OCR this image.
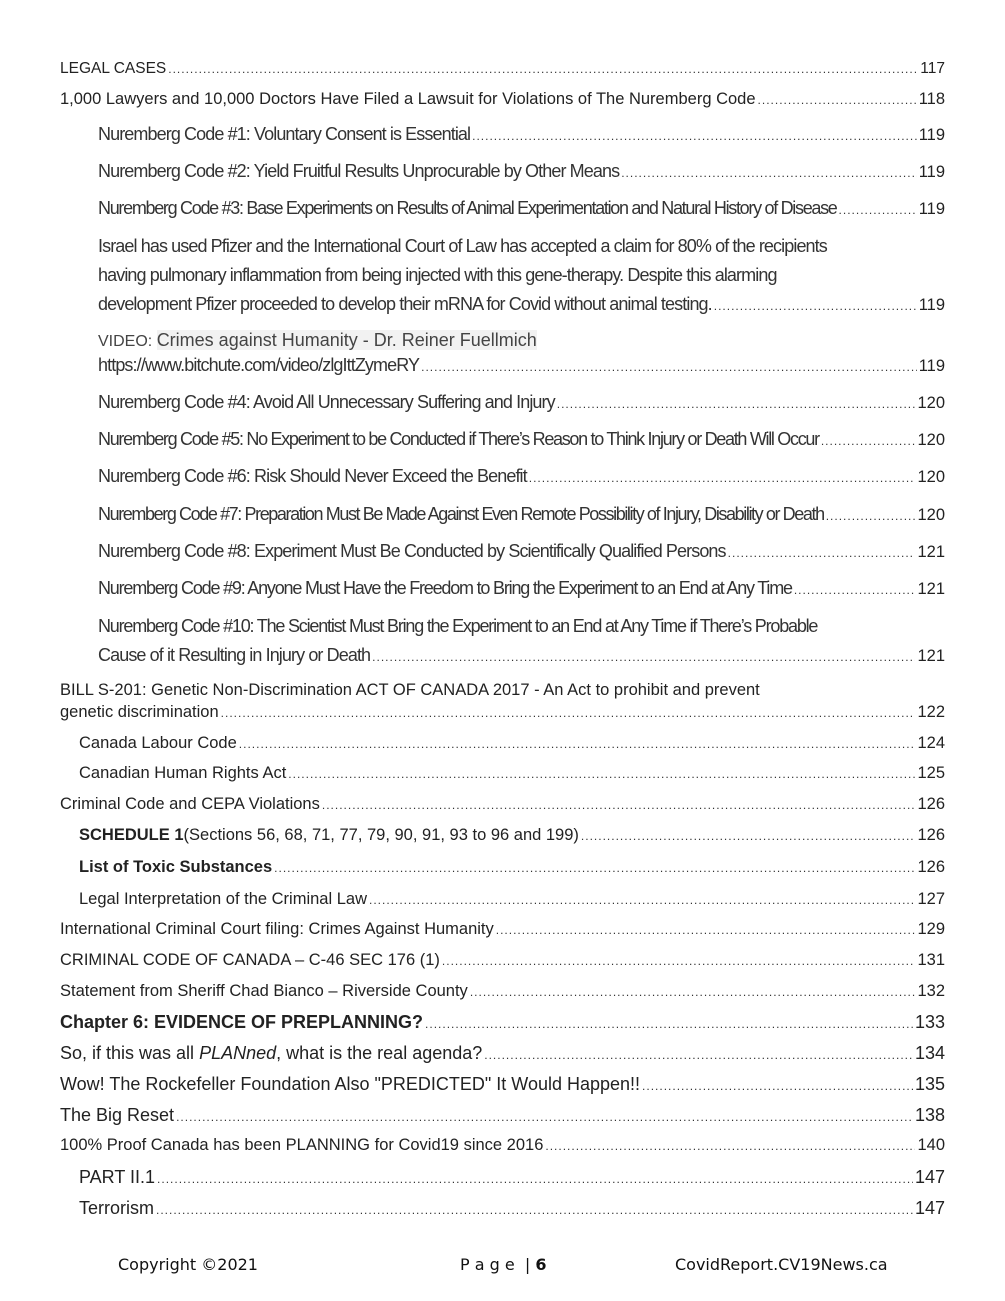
LEGAL CASES .....	117
1,000 Lawyers and 10,000 Doctors Have Filed a Lawsuit for Violations of The Nuremberg Code .....	118
Nuremberg Code #1: Voluntary Consent is Essential .....	119
Nuremberg Code #2: Yield Fruitful Results Unprocurable by Other Means .....	119
Nuremberg Code #3: Base Experiments on Results of Animal Experimentation and Natural History of Disease .....	119
Israel has used Pfizer and the International Court of Law has accepted a claim for 80% of the recipients
having pulmonary inflammation from being injected with this gene-therapy. Despite this alarming
development Pfizer proceeded to develop their mRNA for Covid without animal testing. .....	119
VIDEO: Crimes against Humanity - Dr. Reiner Fuellmich
https://www.bitchute.com/video/zlgIttZymeRY .....	119
Nuremberg Code #4: Avoid All Unnecessary Suffering and Injury .....	120
Nuremberg Code #5: No Experiment to be Conducted if There’s Reason to Think Injury or Death Will Occur .....	120
Nuremberg Code #6: Risk Should Never Exceed the Benefit .....	120
Nuremberg Code #7: Preparation Must Be Made Against Even Remote Possibility of Injury, Disability or Death .....	120
Nuremberg Code #8: Experiment Must Be Conducted by Scientifically Qualified Persons .....	121
Nuremberg Code #9: Anyone Must Have the Freedom to Bring the Experiment to an End at Any Time .....	121
Nuremberg Code #10: The Scientist Must Bring the Experiment to an End at Any Time if There’s Probable
Cause of it Resulting in Injury or Death .....	121
BILL S-201: Genetic Non-Discrimination ACT OF CANADA 2017 - An Act to prohibit and prevent
genetic discrimination .....	122
Canada Labour Code .....	124
Canadian Human Rights Act .....	125
Criminal Code and CEPA Violations .....	126
SCHEDULE 1(Sections 56, 68, 71, 77, 79, 90, 91, 93 to 96 and 199) .....	126
List of Toxic Substances .....	126
Legal Interpretation of the Criminal Law .....	127
International Criminal Court filing: Crimes Against Humanity .....	129
CRIMINAL CODE OF CANADA – C-46 SEC 176 (1) .....	131
Statement from Sheriff Chad Bianco – Riverside County .....	132
Chapter 6: EVIDENCE OF PREPLANNING? .....	133
So, if this was all PLANned, what is the real agenda? .....	134
Wow! The Rockefeller Foundation Also "PREDICTED" It Would Happen!! .....	135
The Big Reset .....	138
100% Proof Canada has been PLANNING for Covid19 since 2016 .....	140
PART II.1 .....	147
Terrorism .....	147
Copyright ©2021	P a g e  | 6	CovidReport.CV19News.ca
